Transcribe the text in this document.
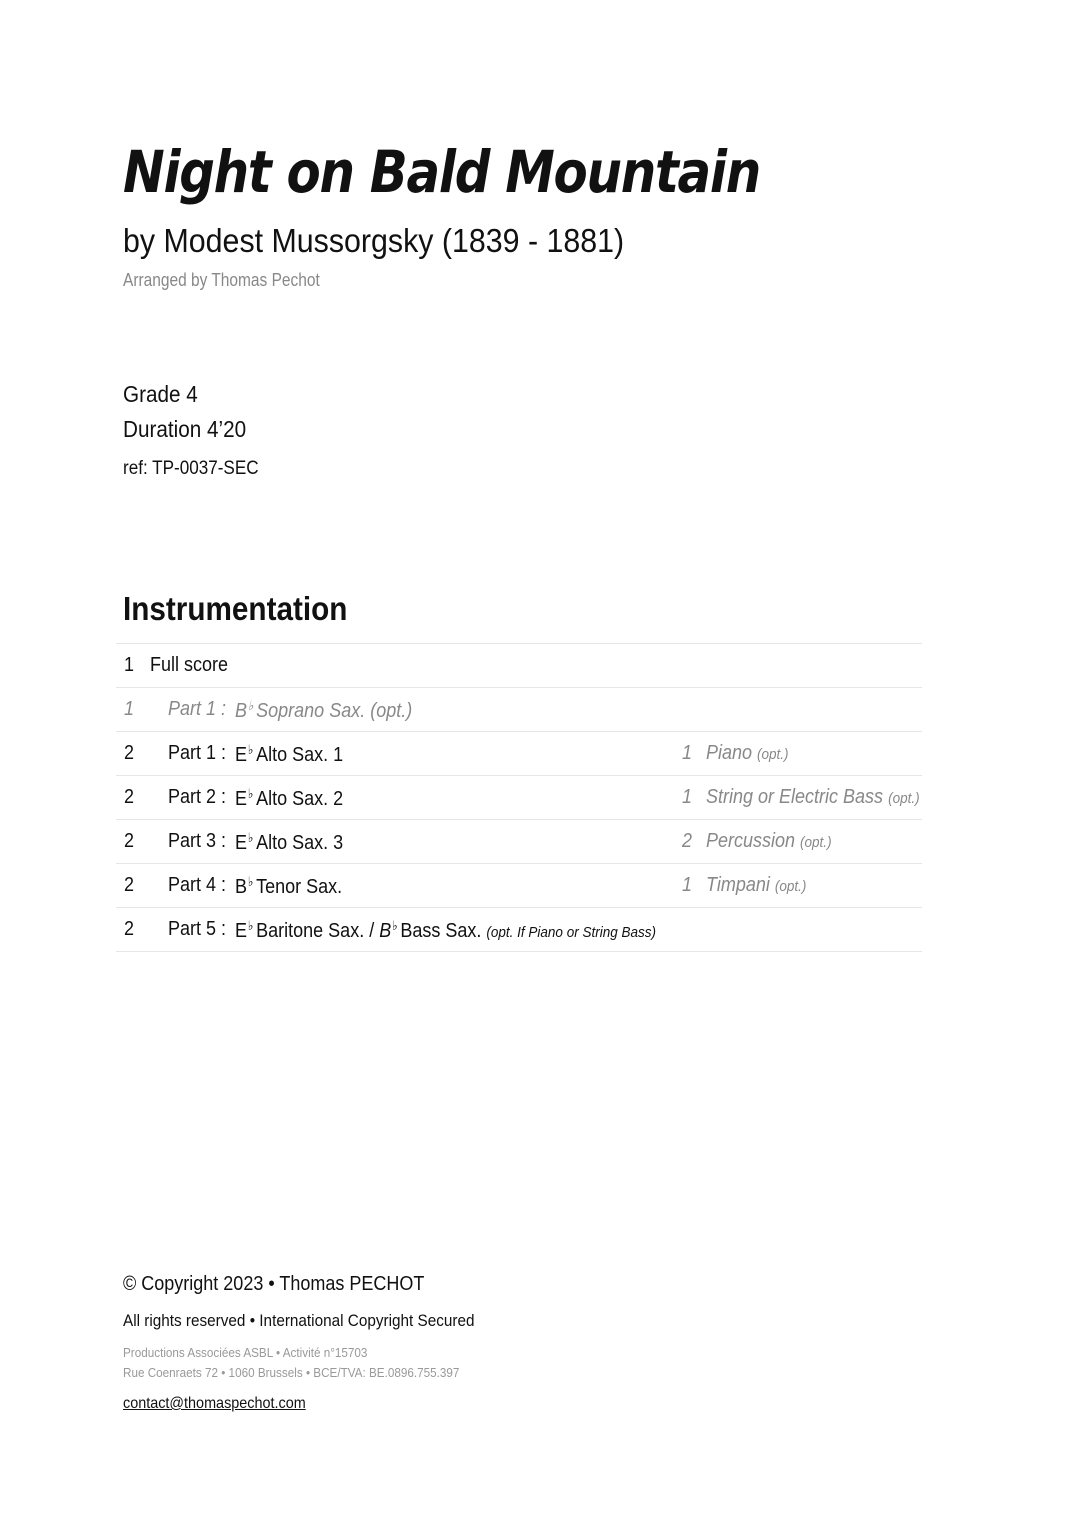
Night on Bald Mountain
by Modest Mussorgsky (1839 - 1881)
Arranged by Thomas Pechot
Grade 4
Duration 4’20
ref: TP-0037-SEC
Instrumentation
1 Full score
1 Part 1 : B♭ Soprano Sax. (opt.)
2 Part 1 : E♭ Alto Sax. 1	1 Piano (opt.)
2 Part 2 : E♭ Alto Sax. 2	1 String or Electric Bass (opt.)
2 Part 3 : E♭ Alto Sax. 3	2 Percussion (opt.)
2 Part 4 : B♭ Tenor Sax.	1 Timpani (opt.)
2 Part 5 : E♭ Baritone Sax. / B♭ Bass Sax. (opt. If Piano or String Bass)
© Copyright 2023 • Thomas PECHOT
All rights reserved • International Copyright Secured
Productions Associées ASBL • Activité n°15703
Rue Coenraets 72 • 1060 Brussels • BCE/TVA: BE.0896.755.397
contact@thomaspechot.com
